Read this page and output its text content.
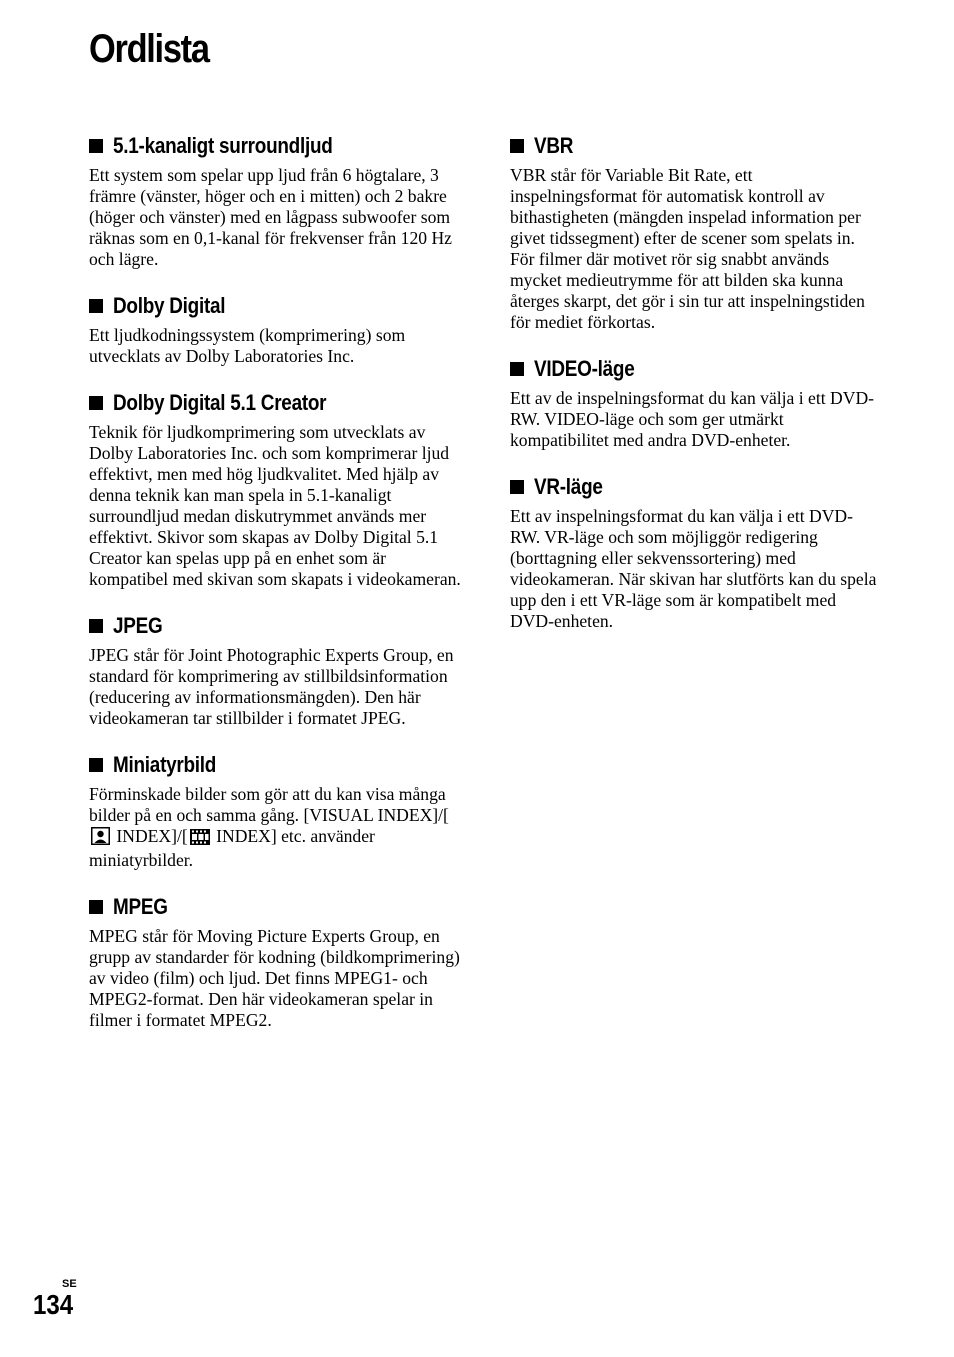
Ordlista
5.1-kanaligt surroundljud

Ett system som spelar upp ljud från 6 högtalare, 3 främre (vänster, höger och en i mitten) och 2 bakre (höger och vänster) med en lågpass subwoofer som räknas som en 0,1-kanal för frekvenser från 120 Hz och lägre.

Dolby Digital

Ett ljudkodningssystem (komprimering) som utvecklats av Dolby Laboratories Inc.

Dolby Digital 5.1 Creator

Teknik för ljudkomprimering som utvecklats av Dolby Laboratories Inc. och som komprimerar ljud effektivt, men med hög ljudkvalitet. Med hjälp av denna teknik kan man spela in 5.1-kanaligt surroundljud medan diskutrymmet används mer effektivt. Skivor som skapas av Dolby Digital 5.1 Creator kan spelas upp på en enhet som är kompatibel med skivan som skapats i videokameran.

JPEG

JPEG står för Joint Photographic Experts Group, en standard för komprimering av stillbildsinformation (reducering av informationsmängden). Den här videokameran tar stillbilder i formatet JPEG.

Miniatyrbild

Förminskade bilder som gör att du kan visa många bilder på en och samma gång. [VISUAL INDEX]/[ INDEX]/[ INDEX] etc. använder miniatyrbilder.

MPEG

MPEG står för Moving Picture Experts Group, en grupp av standarder för kodning (bildkomprimering) av video (film) och ljud. Det finns MPEG1- och MPEG2-format. Den här videokameran spelar in filmer i formatet MPEG2.

VBR

VBR står för Variable Bit Rate, ett inspelningsformat för automatisk kontroll av bithastigheten (mängden inspelad information per givet tidssegment) efter de scener som spelats in. För filmer där motivet rör sig snabbt används mycket medieutrymme för att bilden ska kunna återges skarpt, det gör i sin tur att inspelningstiden för mediet förkortas.

VIDEO-läge

Ett av de inspelningsformat du kan välja i ett DVD-RW. VIDEO-läge och som ger utmärkt kompatibilitet med andra DVD-enheter.

VR-läge

Ett av inspelningsformat du kan välja i ett DVD-RW. VR-läge och som möjliggör redigering (borttagning eller sekvenssortering) med videokameran. När skivan har slutförts kan du spela upp den i ett VR-läge som är kompatibelt med DVD-enheten.

SE
134
